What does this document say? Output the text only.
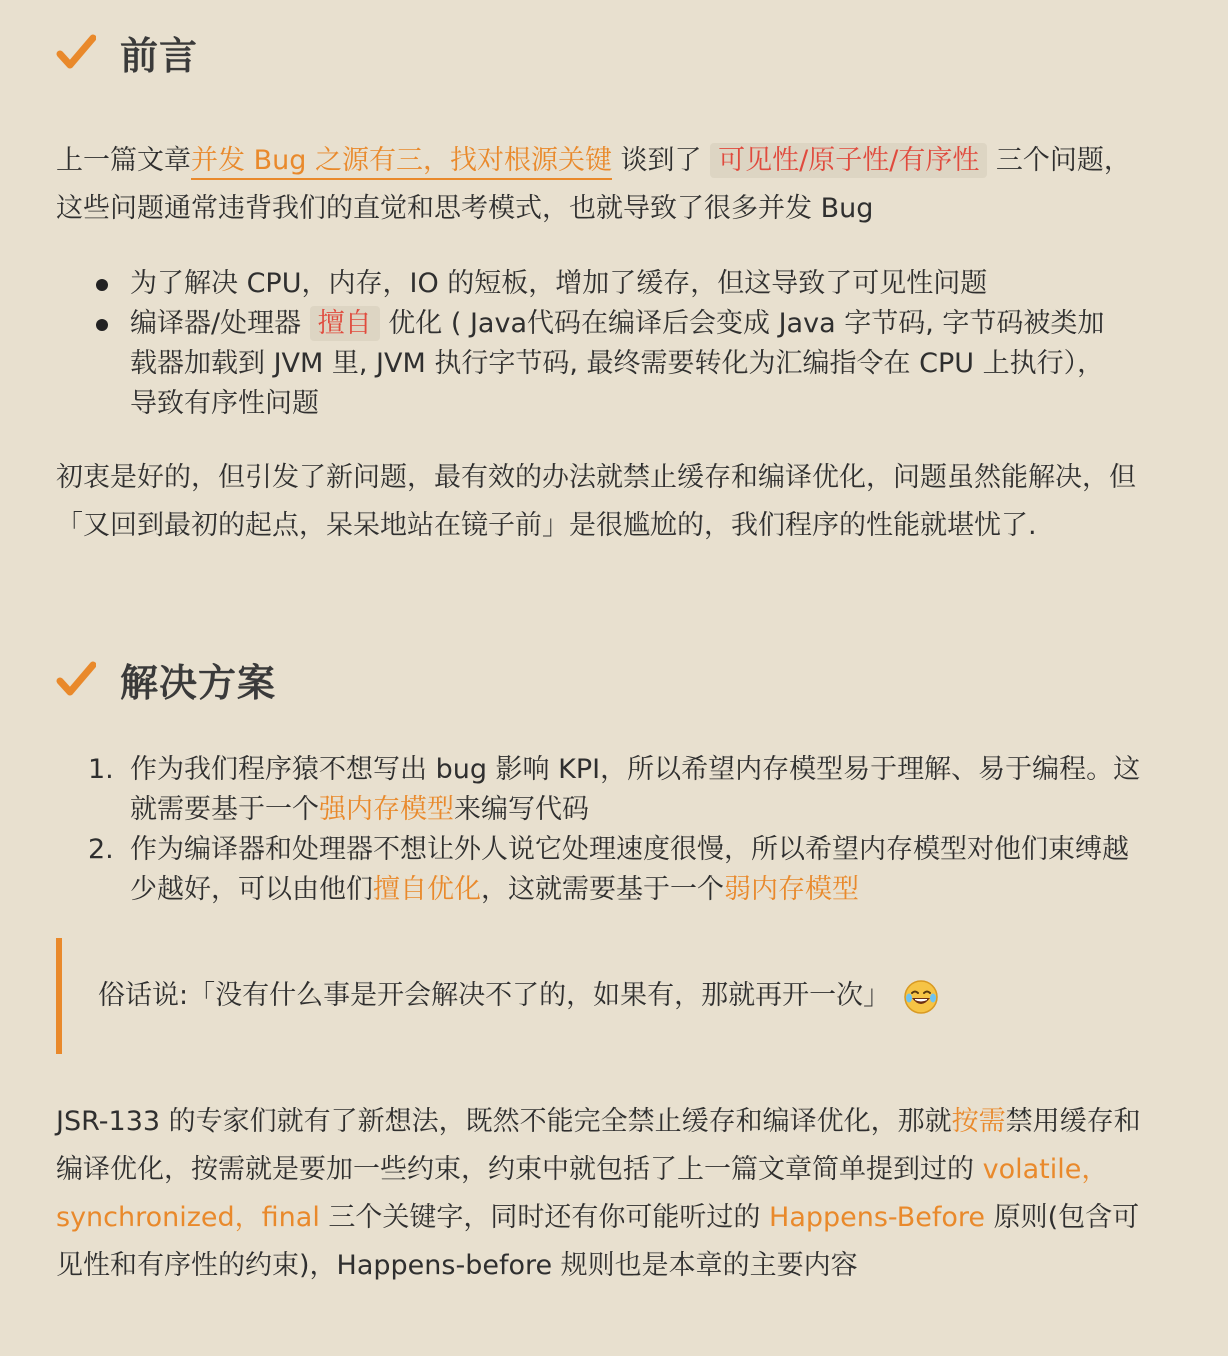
前言

上一篇文章并发 Bug 之源有三，找对根源关键 谈到了 可见性/原子性/有序性 三个问题，这些问题通常违背我们的直觉和思考模式，也就导致了很多并发 Bug

为了解决 CPU，内存，IO 的短板，增加了缓存，但这导致了可见性问题
编译器/处理器 擅自 优化 ( Java代码在编译后会变成 Java 字节码, 字节码被类加载器加载到 JVM 里, JVM 执行字节码, 最终需要转化为汇编指令在 CPU 上执行），导致有序性问题

初衷是好的，但引发了新问题，最有效的办法就禁止缓存和编译优化，问题虽然能解决，但「又回到最初的起点，呆呆地站在镜子前」是很尴尬的，我们程序的性能就堪忧了.

解决方案
1. 作为我们程序猿不想写出 bug 影响 KPI，所以希望内存模型易于理解、易于编程。这就需要基于一个强内存模型来编写代码
2. 作为编译器和处理器不想让外人说它处理速度很慢，所以希望内存模型对他们束缚越少越好，可以由他们擅自优化，这就需要基于一个弱内存模型

俗话说:「没有什么事是开会解决不了的，如果有，那就再开一次」

JSR-133 的专家们就有了新想法，既然不能完全禁止缓存和编译优化，那就按需禁用缓存和编译优化，按需就是要加一些约束，约束中就包括了上一篇文章简单提到过的 volatile，synchronized，final 三个关键字，同时还有你可能听过的 Happens-Before 原则(包含可见性和有序性的约束)，Happens-before 规则也是本章的主要内容
